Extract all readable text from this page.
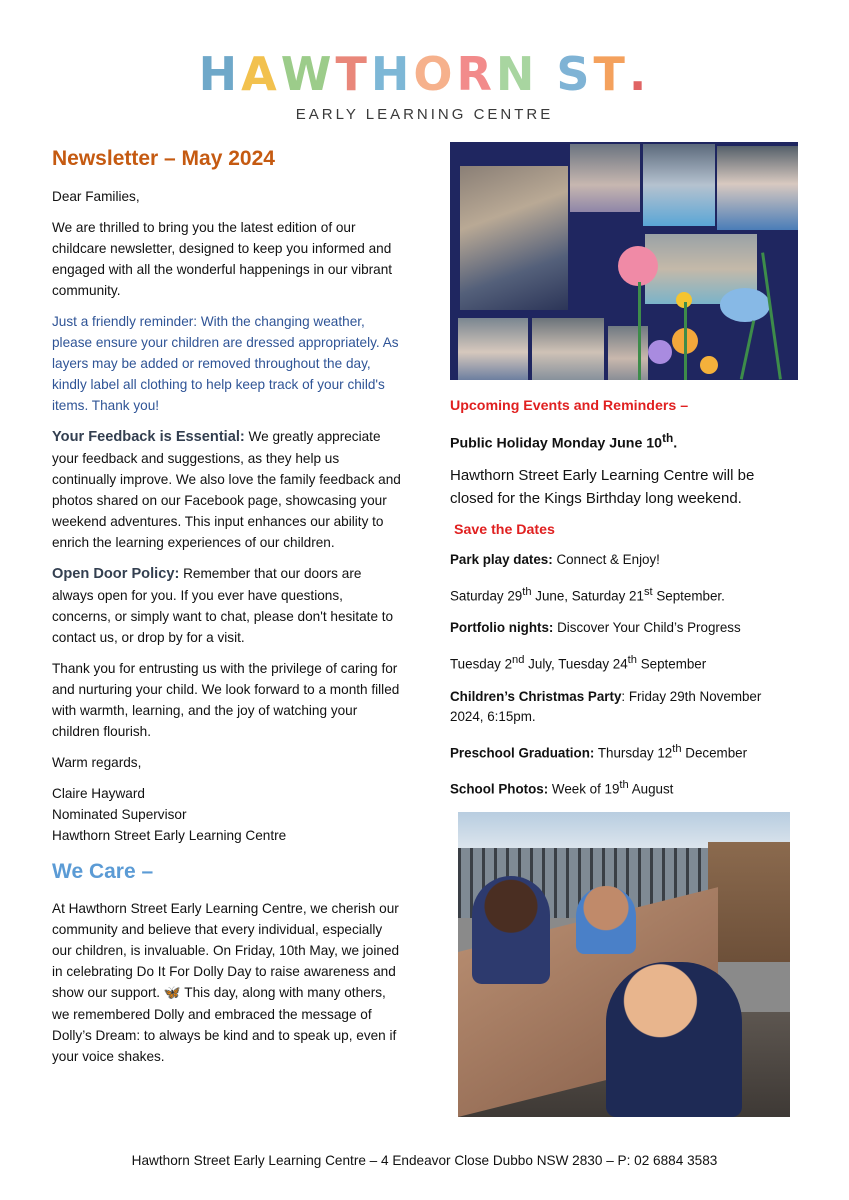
HAWTHORN ST.
EARLY LEARNING CENTRE
Newsletter – May 2024

Dear Families,

We are thrilled to bring you the latest edition of our childcare newsletter, designed to keep you informed and engaged with all the wonderful happenings in our vibrant community.

Just a friendly reminder: With the changing weather, please ensure your children are dressed appropriately. As layers may be added or removed throughout the day, kindly label all clothing to help keep track of your child's items. Thank you!

Your Feedback is Essential: We greatly appreciate your feedback and suggestions, as they help us continually improve. We also love the family feedback and photos shared on our Facebook page, showcasing your weekend adventures. This input enhances our ability to enrich the learning experiences of our children.

Open Door Policy: Remember that our doors are always open for you. If you ever have questions, concerns, or simply want to chat, please don't hesitate to contact us, or drop by for a visit.

Thank you for entrusting us with the privilege of caring for and nurturing your child. We look forward to a month filled with warmth, learning, and the joy of watching your children flourish.

Warm regards,

Claire Hayward
Nominated Supervisor
Hawthorn Street Early Learning Centre
We Care –

At Hawthorn Street Early Learning Centre, we cherish our community and believe that every individual, especially our children, is invaluable. On Friday, 10th May, we joined in celebrating Do It For Dolly Day to raise awareness and show our support. 🦋 This day, along with many others, we remembered Dolly and embraced the message of Dolly’s Dream: to always be kind and to speak up, even if your voice shakes.

Upcoming Events and Reminders –
Public Holiday Monday June 10th.
Hawthorn Street Early Learning Centre will be closed for the Kings Birthday long weekend.
Save the Dates
Park play dates: Connect & Enjoy!
Saturday 29th June, Saturday 21st September.
Portfolio nights: Discover Your Child’s Progress
Tuesday 2nd July, Tuesday 24th September
Children’s Christmas Party: Friday 29th November 2024, 6:15pm.
Preschool Graduation: Thursday 12th December
School Photos: Week of 19th August
Hawthorn Street Early Learning Centre – 4 Endeavor Close Dubbo NSW 2830 – P: 02 6884 3583
